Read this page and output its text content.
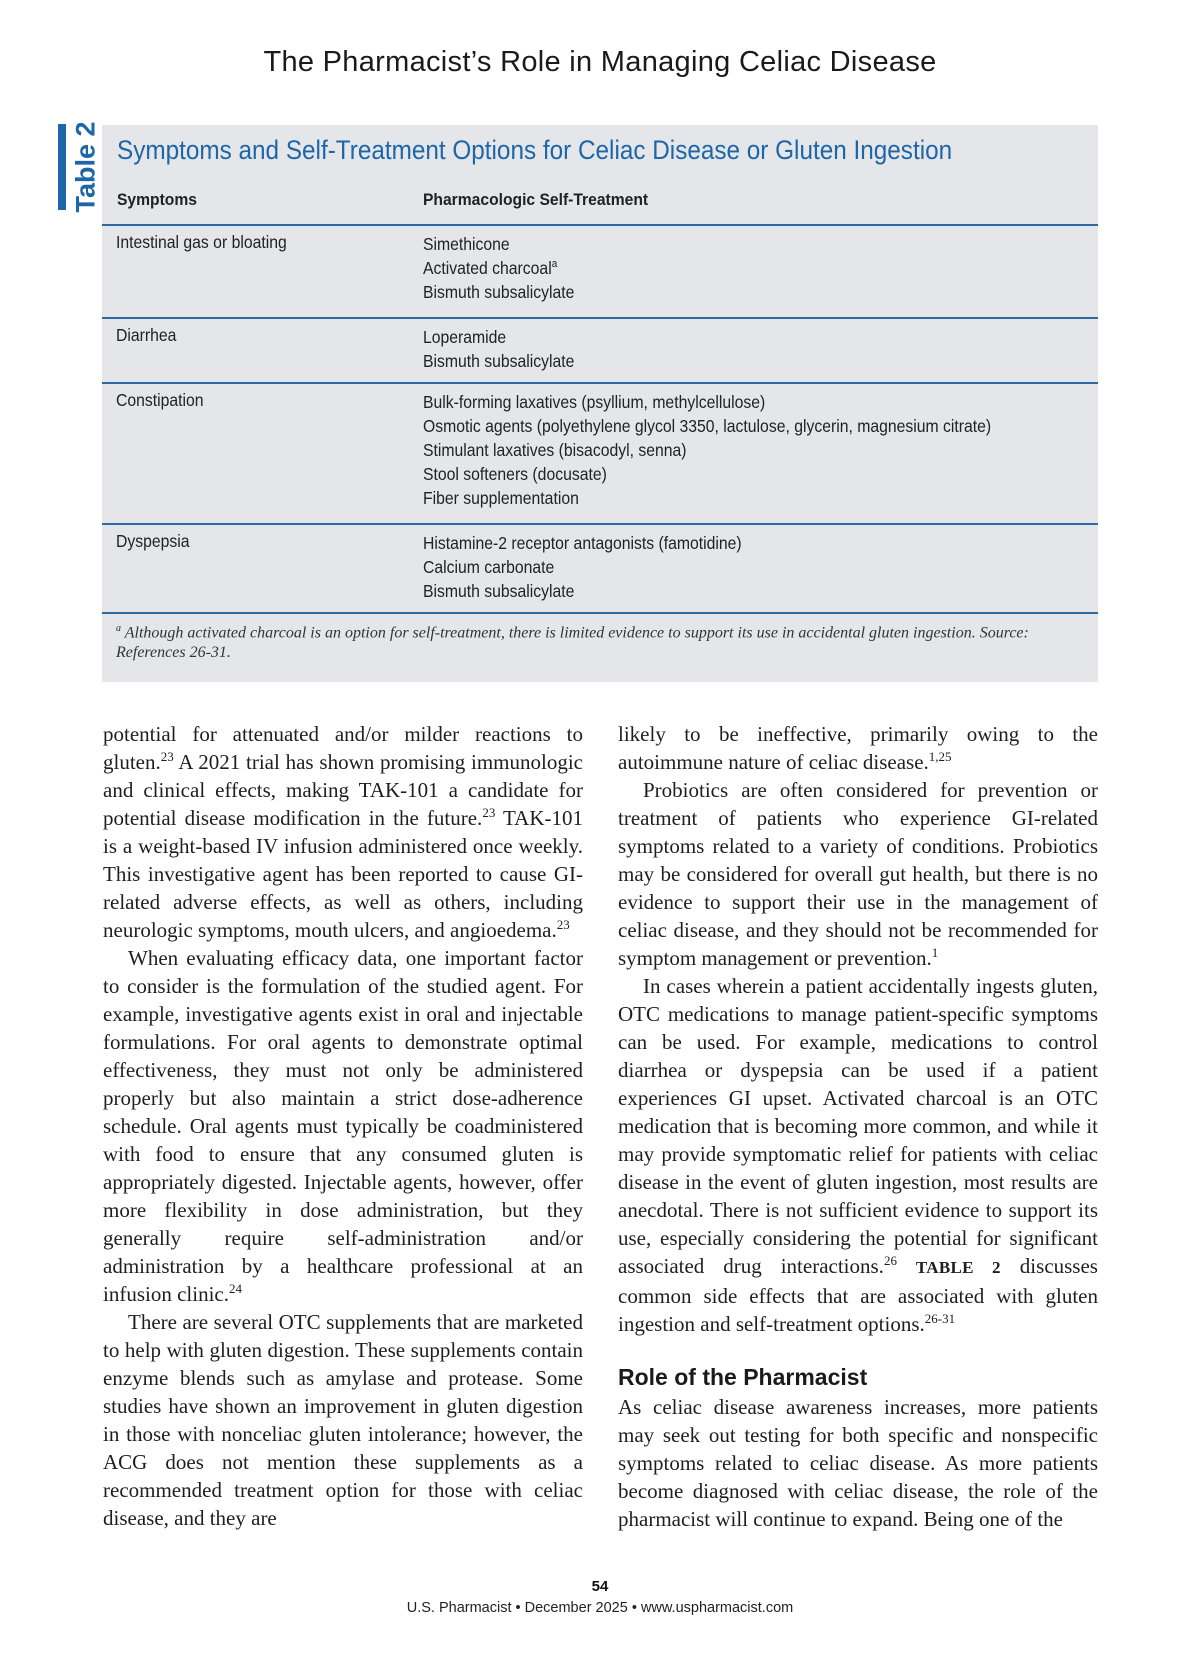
The Pharmacist’s Role in Managing Celiac Disease
Table 2 Symptoms and Self-Treatment Options for Celiac Disease or Gluten Ingestion
Symptoms	Pharmacologic Self-Treatment
Intestinal gas or bloating	Simethicone
Activated charcoal$^a$
Bismuth subsalicylate
Diarrhea	Loperamide
Bismuth subsalicylate
Constipation	Bulk-forming laxatives (psyllium, methylcellulose)
Osmotic agents (polyethylene glycol 3350, lactulose, glycerin, magnesium citrate)
Stimulant laxatives (bisacodyl, senna)
Stool softeners (docusate)
Fiber supplementation
Dyspepsia	Histamine-2 receptor antagonists (famotidine)
Calcium carbonate
Bismuth subsalicylate
$^a$ Although activated charcoal is an option for self-treatment, there is limited evidence to support its use in accidental gluten ingestion. Source: References 26-31.

potential for attenuated and/or milder reactions to gluten.$^{23}$ A 2021 trial has shown promising immunologic and clinical effects, making TAK-101 a candidate for potential disease modification in the future.$^{23}$ TAK-101 is a weight-based IV infusion administered once weekly. This investigative agent has been reported to cause GI-related adverse effects, as well as others, including neurologic symptoms, mouth ulcers, and angioedema.$^{23}$

When evaluating efficacy data, one important factor to consider is the formulation of the studied agent. For example, investigative agents exist in oral and injectable formulations. For oral agents to demonstrate optimal effectiveness, they must not only be administered properly but also maintain a strict dose-adherence schedule. Oral agents must typically be coadministered with food to ensure that any consumed gluten is appropriately digested. Injectable agents, however, offer more flexibility in dose administration, but they generally require self-administration and/or administration by a healthcare professional at an infusion clinic.$^{24}$

There are several OTC supplements that are marketed to help with gluten digestion. These supplements contain enzyme blends such as amylase and protease. Some studies have shown an improvement in gluten digestion in those with nonceliac gluten intolerance; however, the ACG does not mention these supplements as a recommended treatment option for those with celiac disease, and they are

likely to be ineffective, primarily owing to the autoimmune nature of celiac disease.$^{1,25}$

Probiotics are often considered for prevention or treatment of patients who experience GI-related symptoms related to a variety of conditions. Probiotics may be considered for overall gut health, but there is no evidence to support their use in the management of celiac disease, and they should not be recommended for symptom management or prevention.$^1$

In cases wherein a patient accidentally ingests gluten, OTC medications to manage patient-specific symptoms can be used. For example, medications to control diarrhea or dyspepsia can be used if a patient experiences GI upset. Activated charcoal is an OTC medication that is becoming more common, and while it may provide symptomatic relief for patients with celiac disease in the event of gluten ingestion, most results are anecdotal. There is not sufficient evidence to support its use, especially considering the potential for significant associated drug interactions.$^{26}$ TABLE 2 discusses common side effects that are associated with gluten ingestion and self-treatment options.$^{26-31}$

Role of the Pharmacist

As celiac disease awareness increases, more patients may seek out testing for both specific and nonspecific symptoms related to celiac disease. As more patients become diagnosed with celiac disease, the role of the pharmacist will continue to expand. Being one of the

54
U.S. Pharmacist • December 2025 • www.uspharmacist.com
